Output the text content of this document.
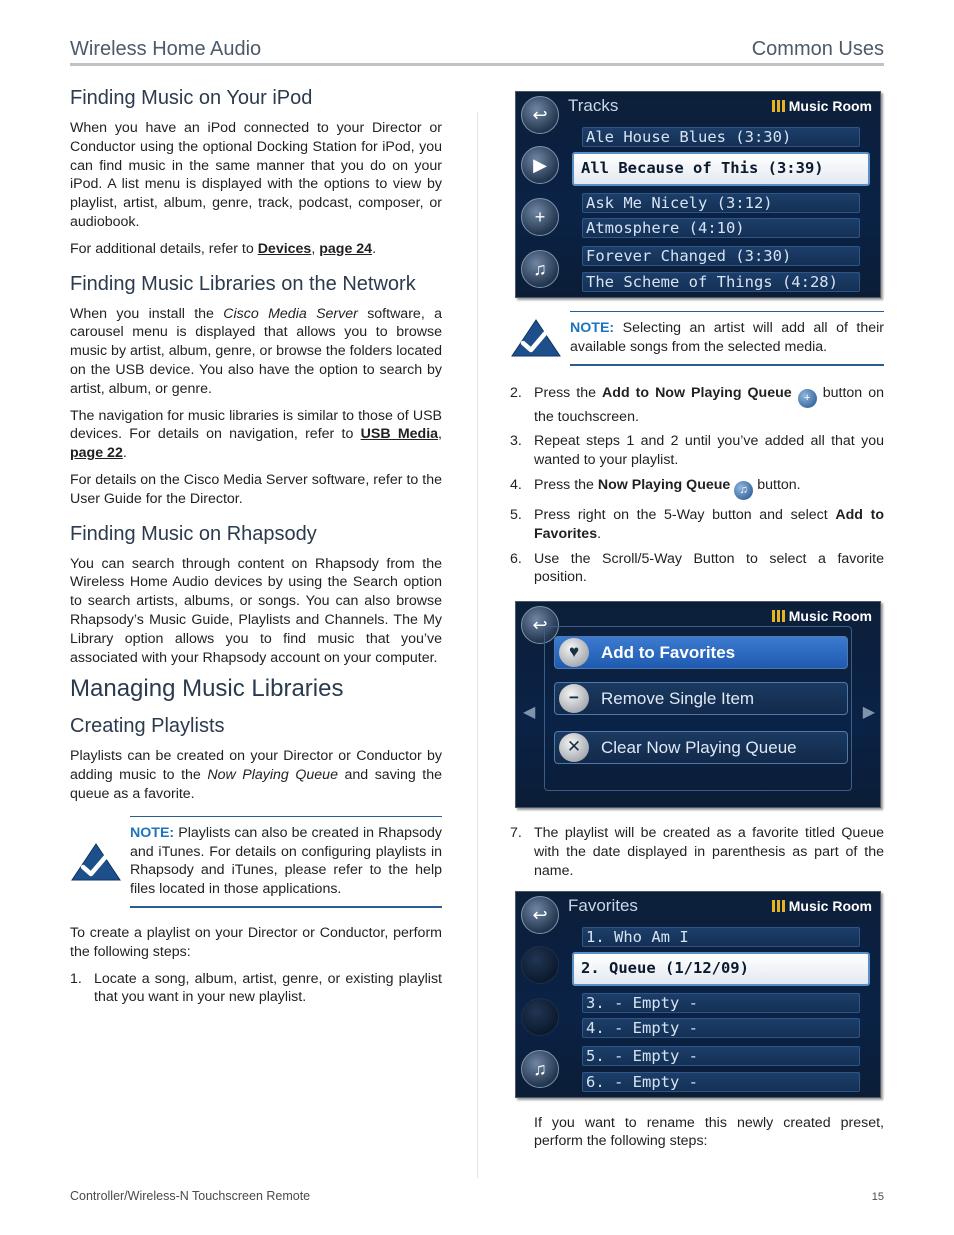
Wireless Home Audio	Common Uses
Finding Music on Your iPod

When you have an iPod connected to your Director or Conductor using the optional Docking Station for iPod, you can find music in the same manner that you do on your iPod. A list menu is displayed with the options to view by playlist, artist, album, genre, track, podcast, composer, or audiobook.

For additional details, refer to Devices, page 24.

Finding Music Libraries on the Network

When you install the Cisco Media Server software, a carousel menu is displayed that allows you to browse music by artist, album, genre, or browse the folders located on the USB device. You also have the option to search by artist, album, or genre.

The navigation for music libraries is similar to those of USB devices. For details on navigation, refer to USB Media, page 22.

For details on the Cisco Media Server software, refer to the User Guide for the Director.

Finding Music on Rhapsody

You can search through content on Rhapsody from the Wireless Home Audio devices by using the Search option to search artists, albums, or songs. You can also browse Rhapsody’s Music Guide, Playlists and Channels. The My Library option allows you to find music that you’ve associated with your Rhapsody account on your computer.

Managing Music Libraries
Creating Playlists

Playlists can be created on your Director or Conductor by adding music to the Now Playing Queue and saving the queue as a favorite.

NOTE: Playlists can also be created in Rhapsody and iTunes. For details on configuring playlists in Rhapsody and iTunes, please refer to the help files located in those applications.

To create a playlist on your Director or Conductor, perform the following steps:

1. Locate a song, album, artist, genre, or existing playlist that you want in your new playlist.
Tracks	Music Room
↩
▶
+
♫
Ale House Blues (3:30)
All Because of This (3:39)
Ask Me Nicely (3:12)
Atmosphere (4:10)
Forever Changed (3:30)
The Scheme of Things (4:28)

NOTE: Selecting an artist will add all of their available songs from the selected media.

2. Press the Add to Now Playing Queue + button on the touchscreen.
3. Repeat steps 1 and 2 until you’ve added all that you wanted to your playlist.
4. Press the Now Playing Queue ♫ button.
5. Press right on the 5-Way button and select Add to Favorites.
6. Use the Scroll/5-Way Button to select a favorite position.
Music Room
↩
◀	▶
♥	Add to Favorites
−	Remove Single Item
✕	Clear Now Playing Queue
7. The playlist will be created as a favorite titled Queue with the date displayed in parenthesis as part of the name.
Favorites	Music Room
↩
♫
1. Who Am I
2. Queue (1/12/09)
3. - Empty -
4. - Empty -
5. - Empty -
6. - Empty -

If you want to rename this newly created preset, perform the following steps:

Controller/Wireless-N Touchscreen Remote	15
